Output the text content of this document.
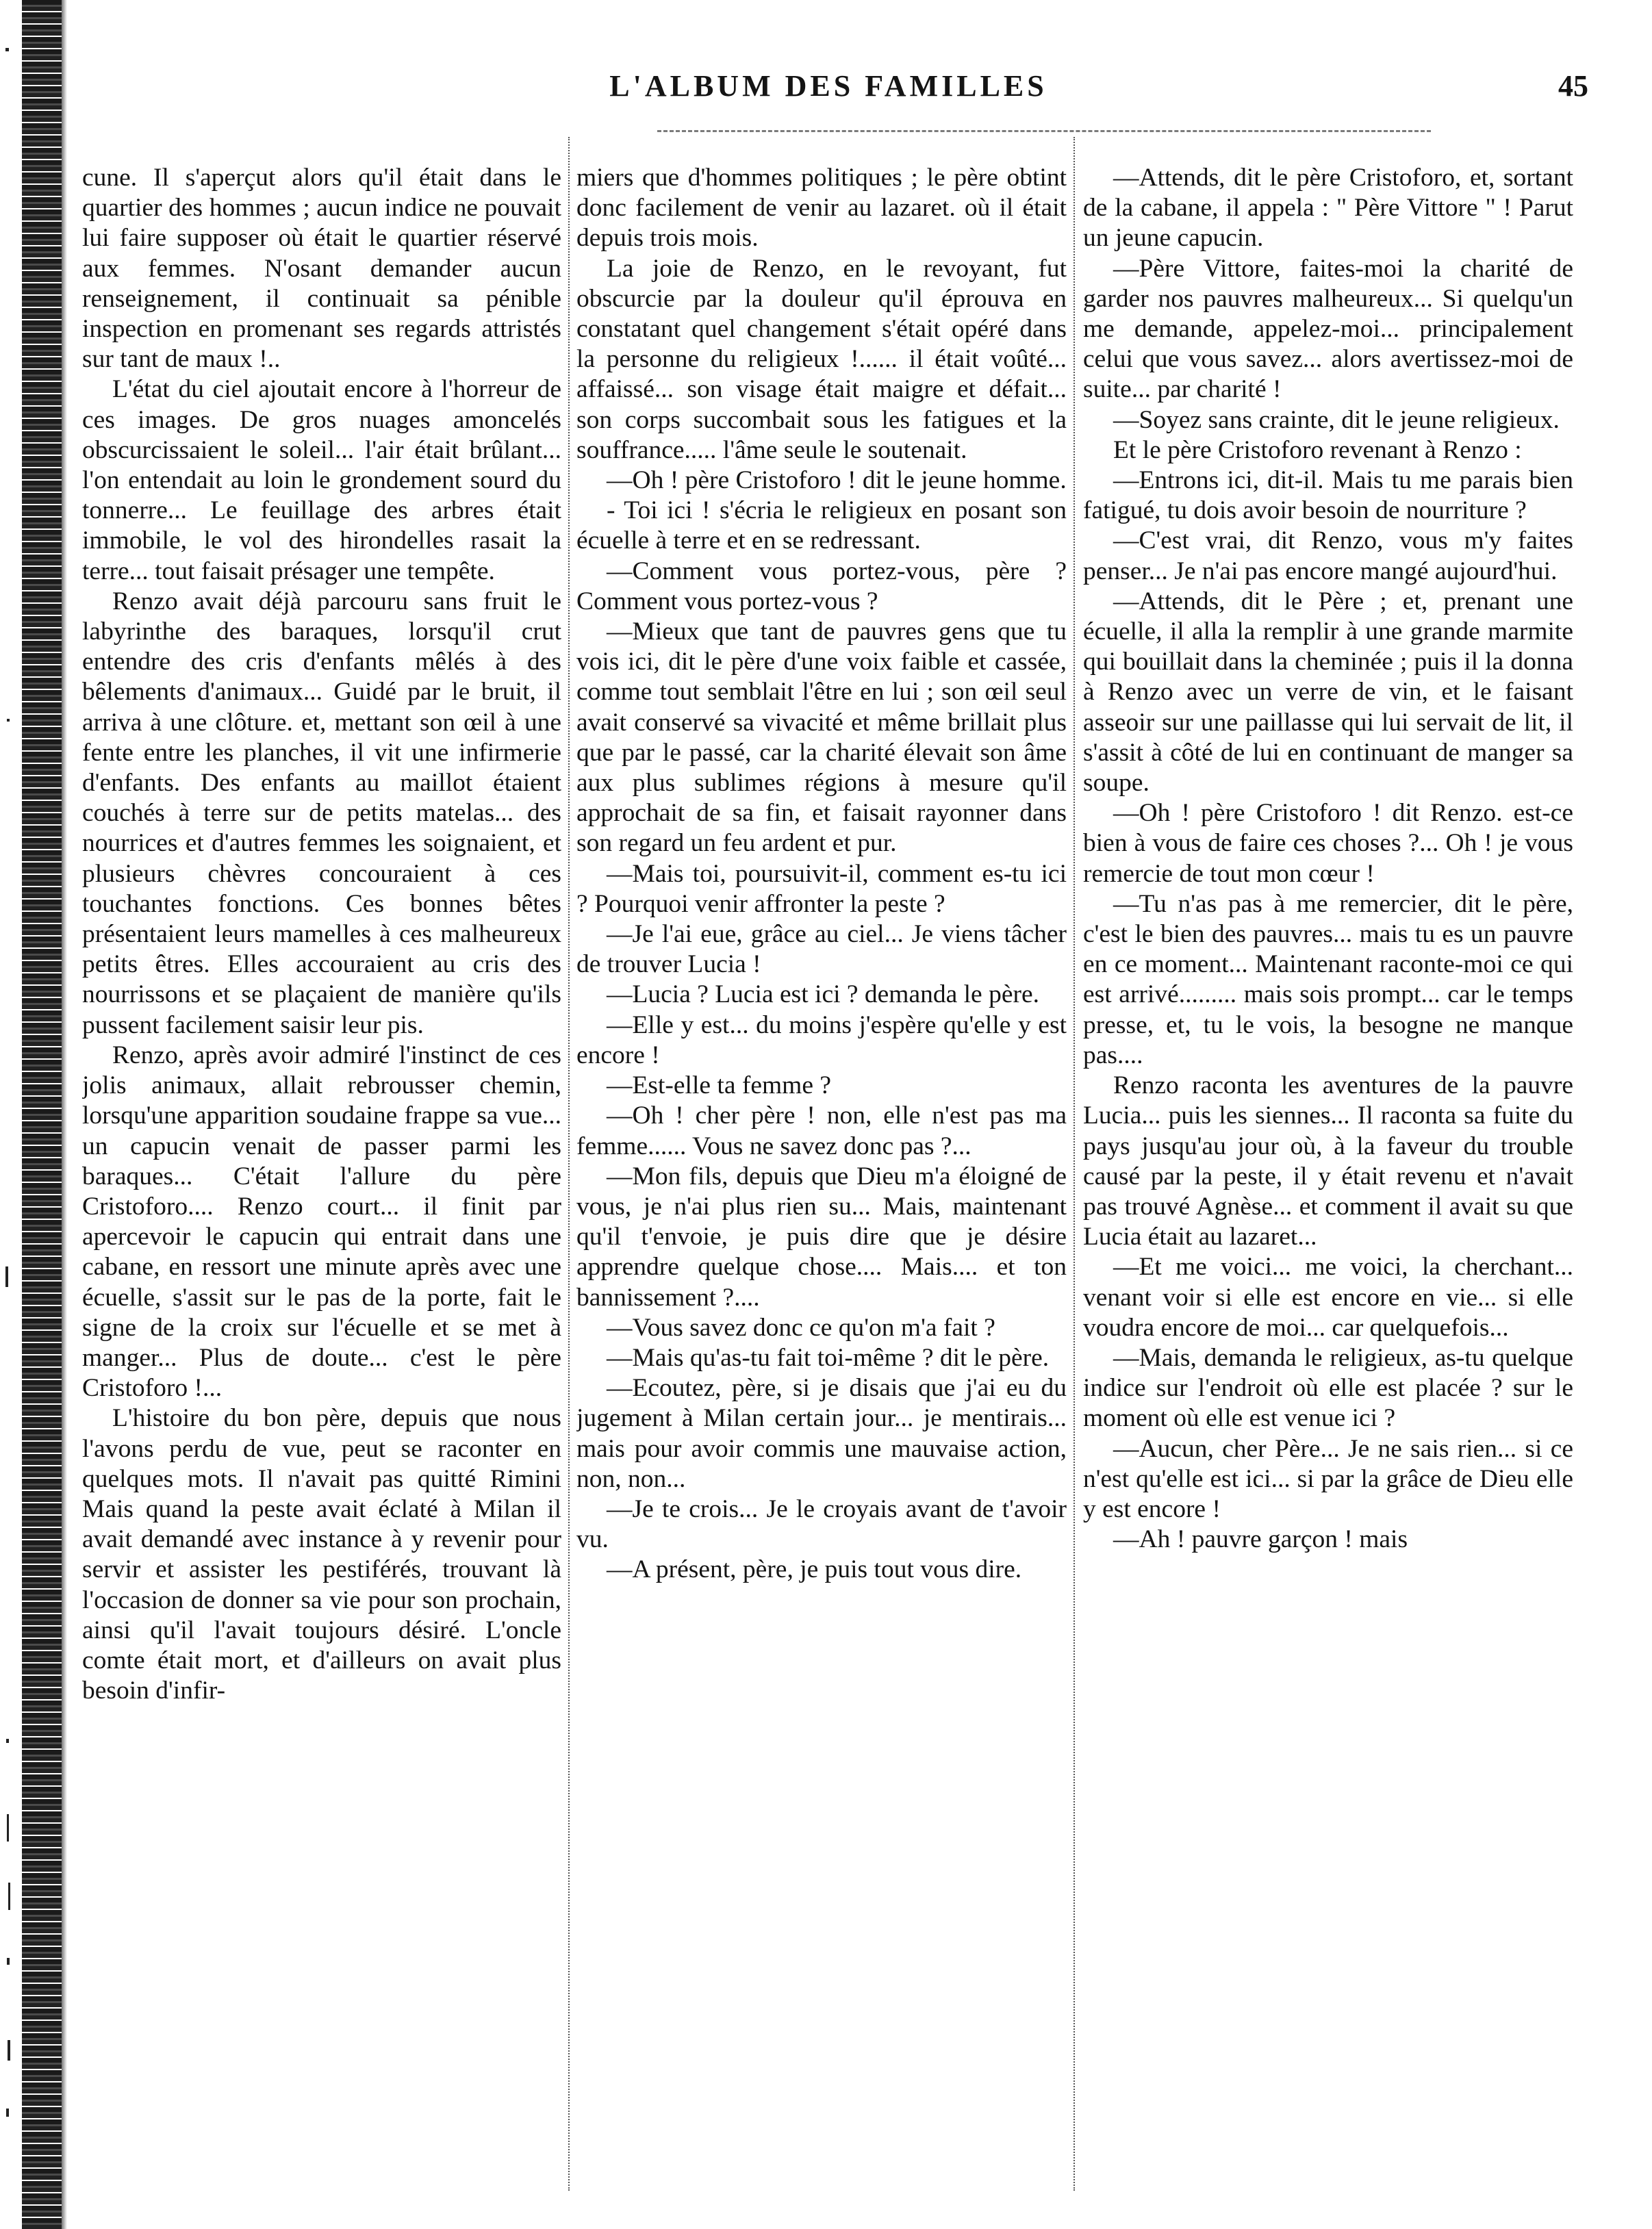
L'ALBUM DES FAMILLES	45

cune. Il s'aperçut alors qu'il était dans le quartier des hommes ; aucun indice ne pouvait lui faire supposer où était le quartier réservé aux femmes. N'osant demander aucun renseignement, il continuait sa pénible inspection en promenant ses regards attristés sur tant de maux !..

L'état du ciel ajoutait encore à l'horreur de ces images. De gros nuages amoncelés obscurcissaient le soleil... l'air était brûlant... l'on entendait au loin le grondement sourd du tonnerre... Le feuillage des arbres était immobile, le vol des hirondelles rasait la terre... tout faisait présager une tempête.

Renzo avait déjà parcouru sans fruit le labyrinthe des baraques, lorsqu'il crut entendre des cris d'enfants mêlés à des bêlements d'animaux... Guidé par le bruit, il arriva à une clôture. et, mettant son œil à une fente entre les planches, il vit une infirmerie d'enfants. Des enfants au maillot étaient couchés à terre sur de petits matelas... des nourrices et d'autres femmes les soignaient, et plusieurs chèvres concouraient à ces touchantes fonctions. Ces bonnes bêtes présentaient leurs mamelles à ces malheureux petits êtres. Elles accouraient au cris des nourrissons et se plaçaient de manière qu'ils pussent facilement saisir leur pis.

Renzo, après avoir admiré l'instinct de ces jolis animaux, allait rebrousser chemin, lorsqu'une apparition soudaine frappe sa vue... un capucin venait de passer parmi les baraques... C'était l'allure du père Cristoforo.... Renzo court... il finit par apercevoir le capucin qui entrait dans une cabane, en ressort une minute après avec une écuelle, s'assit sur le pas de la porte, fait le signe de la croix sur l'écuelle et se met à manger... Plus de doute... c'est le père Cristoforo !...

L'histoire du bon père, depuis que nous l'avons perdu de vue, peut se raconter en quelques mots. Il n'avait pas quitté Rimini Mais quand la peste avait éclaté à Milan il avait demandé avec instance à y revenir pour servir et assister les pestiférés, trouvant là l'occasion de donner sa vie pour son prochain, ainsi qu'il l'avait toujours désiré. L'oncle comte était mort, et d'ailleurs on avait plus besoin d'infir-

miers que d'hommes politiques ; le père obtint donc facilement de venir au lazaret. où il était depuis trois mois.

La joie de Renzo, en le revoyant, fut obscurcie par la douleur qu'il éprouva en constatant quel changement s'était opéré dans la personne du religieux !...... il était voûté... affaissé... son visage était maigre et défait... son corps succombait sous les fatigues et la souffrance..... l'âme seule le soutenait.

—Oh ! père Cristoforo ! dit le jeune homme.

- Toi ici ! s'écria le religieux en posant son écuelle à terre et en se redressant.

—Comment vous portez-vous, père ? Comment vous portez-vous ?

—Mieux que tant de pauvres gens que tu vois ici, dit le père d'une voix faible et cassée, comme tout semblait l'être en lui ; son œil seul avait conservé sa vivacité et même brillait plus que par le passé, car la charité élevait son âme aux plus sublimes régions à mesure qu'il approchait de sa fin, et faisait rayonner dans son regard un feu ardent et pur.

—Mais toi, poursuivit-il, comment es-tu ici ? Pourquoi venir affronter la peste ?

—Je l'ai eue, grâce au ciel... Je viens tâcher de trouver Lucia !

—Lucia ? Lucia est ici ? demanda le père.

—Elle y est... du moins j'espère qu'elle y est encore !

—Est-elle ta femme ?

—Oh ! cher père ! non, elle n'est pas ma femme...... Vous ne savez donc pas ?...

—Mon fils, depuis que Dieu m'a éloigné de vous, je n'ai plus rien su... Mais, maintenant qu'il t'envoie, je puis dire que je désire apprendre quelque chose.... Mais.... et ton bannissement ?....

—Vous savez donc ce qu'on m'a fait ?

—Mais qu'as-tu fait toi-même ? dit le père.

—Ecoutez, père, si je disais que j'ai eu du jugement à Milan certain jour... je mentirais... mais pour avoir commis une mauvaise action, non, non...

—Je te crois... Je le croyais avant de t'avoir vu.

—A présent, père, je puis tout vous dire.

—Attends, dit le père Cristoforo, et, sortant de la cabane, il appela : " Père Vittore " ! Parut un jeune capucin.

—Père Vittore, faites-moi la charité de garder nos pauvres malheureux... Si quelqu'un me demande, appelez-moi... principalement celui que vous savez... alors avertissez-moi de suite... par charité !

—Soyez sans crainte, dit le jeune religieux.

Et le père Cristoforo revenant à Renzo :

—Entrons ici, dit-il. Mais tu me parais bien fatigué, tu dois avoir besoin de nourriture ?

—C'est vrai, dit Renzo, vous m'y faites penser... Je n'ai pas encore mangé aujourd'hui.

—Attends, dit le Père ; et, prenant une écuelle, il alla la remplir à une grande marmite qui bouillait dans la cheminée ; puis il la donna à Renzo avec un verre de vin, et le faisant asseoir sur une paillasse qui lui servait de lit, il s'assit à côté de lui en continuant de manger sa soupe.

—Oh ! père Cristoforo ! dit Renzo. est-ce bien à vous de faire ces choses ?... Oh ! je vous remercie de tout mon cœur !

—Tu n'as pas à me remercier, dit le père, c'est le bien des pauvres... mais tu es un pauvre en ce moment... Maintenant raconte-moi ce qui est arrivé......... mais sois prompt... car le temps presse, et, tu le vois, la besogne ne manque pas....

Renzo raconta les aventures de la pauvre Lucia... puis les siennes... Il raconta sa fuite du pays jusqu'au jour où, à la faveur du trouble causé par la peste, il y était revenu et n'avait pas trouvé Agnèse... et comment il avait su que Lucia était au lazaret...

—Et me voici... me voici, la cherchant... venant voir si elle est encore en vie... si elle voudra encore de moi... car quelquefois...

—Mais, demanda le religieux, as-tu quelque indice sur l'endroit où elle est placée ? sur le moment où elle est venue ici ?

—Aucun, cher Père... Je ne sais rien... si ce n'est qu'elle est ici... si par la grâce de Dieu elle y est encore !

—Ah ! pauvre garçon ! mais
